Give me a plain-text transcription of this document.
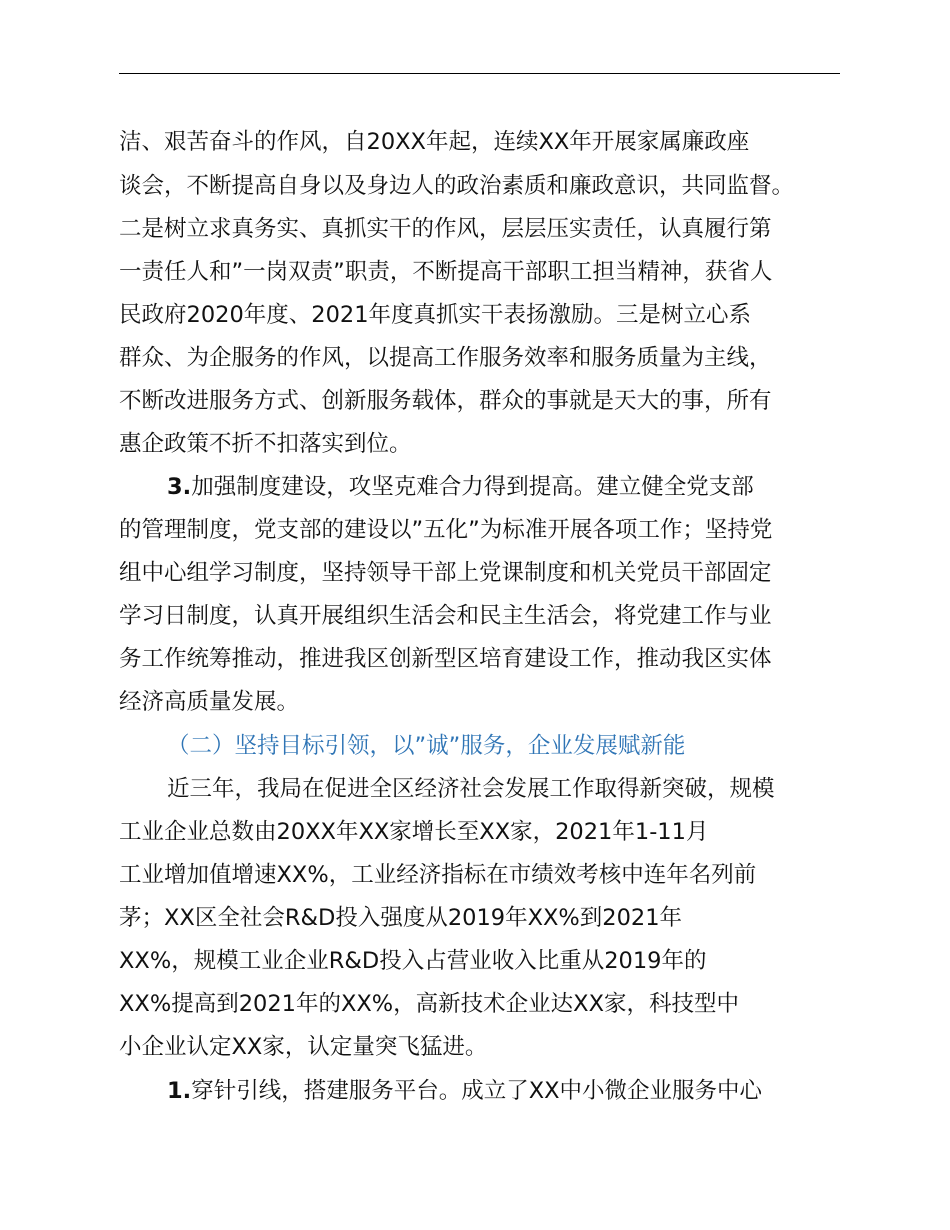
洁、艰苦奋斗的作风，自20XX年起，连续XX年开展家属廉政座
谈会，不断提高自身以及身边人的政治素质和廉政意识，共同监督。
二是树立求真务实、真抓实干的作风，层层压实责任，认真履行第
一责任人和”一岗双责”职责，不断提高干部职工担当精神，获省人
民政府2020年度、2021年度真抓实干表扬激励。三是树立心系
群众、为企服务的作风，以提高工作服务效率和服务质量为主线，
不断改进服务方式、创新服务载体，群众的事就是天大的事，所有
惠企政策不折不扣落实到位。
3.加强制度建设，攻坚克难合力得到提高。建立健全党支部
的管理制度，党支部的建设以”五化”为标准开展各项工作；坚持党
组中心组学习制度，坚持领导干部上党课制度和机关党员干部固定
学习日制度，认真开展组织生活会和民主生活会，将党建工作与业
务工作统筹推动，推进我区创新型区培育建设工作，推动我区实体
经济高质量发展。
（二）坚持目标引领，以”诚”服务，企业发展赋新能
近三年，我局在促进全区经济社会发展工作取得新突破，规模
工业企业总数由20XX年XX家增长至XX家，2021年1-11月
工业增加值增速XX%，工业经济指标在市绩效考核中连年名列前
茅；XX区全社会R&D投入强度从2019年XX%到2021年
XX%，规模工业企业R&D投入占营业收入比重从2019年的
XX%提高到2021年的XX%，高新技术企业达XX家，科技型中
小企业认定XX家，认定量突飞猛进。
1.穿针引线，搭建服务平台。成立了XX中小微企业服务中心
